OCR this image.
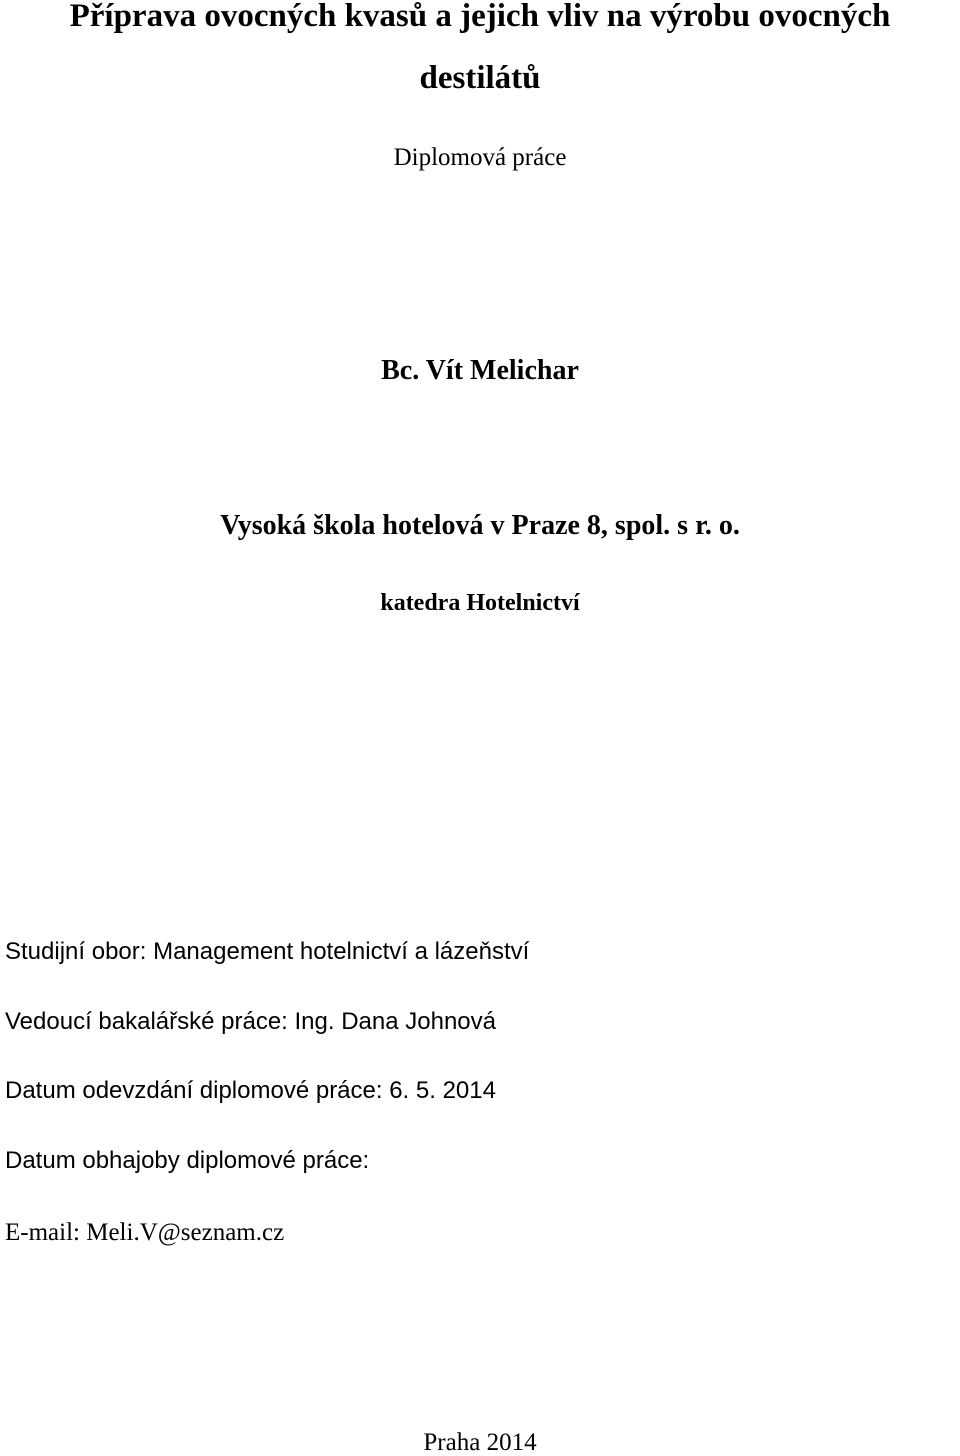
Příprava ovocných kvasů a jejich vliv na výrobu ovocných
destilátů
Diplomová práce
Bc. Vít Melichar
Vysoká škola hotelová v Praze 8, spol. s r. o.
katedra Hotelnictví
Studijní obor: Management hotelnictví a lázeňství
Vedoucí bakalářské práce: Ing. Dana Johnová
Datum odevzdání diplomové práce: 6. 5. 2014
Datum obhajoby diplomové práce:
E-mail: Meli.V@seznam.cz
Praha 2014
